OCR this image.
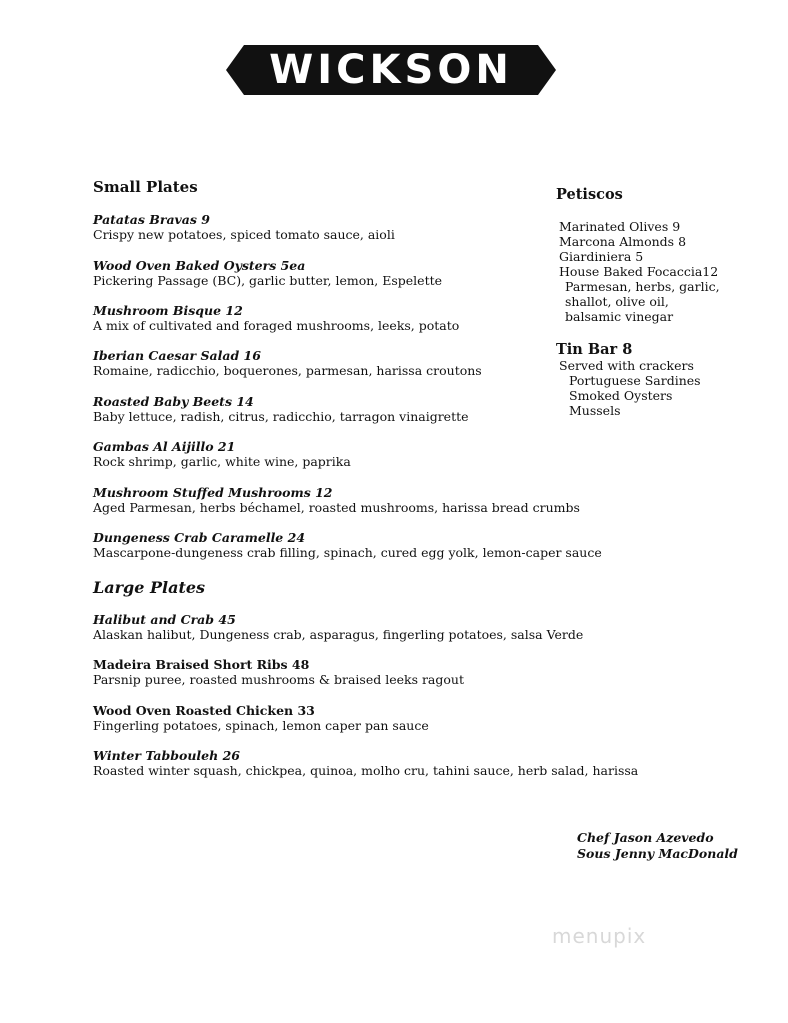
WICKSON
Small Plates
Patatas Bravas 9
Crispy new potatoes, spiced tomato sauce, aioli
Wood Oven Baked Oysters 5ea
Pickering Passage (BC), garlic butter, lemon, Espelette
Mushroom Bisque 12
A mix of cultivated and foraged mushrooms, leeks, potato
Iberian Caesar Salad 16
Romaine, radicchio, boquerones, parmesan, harissa croutons
Roasted Baby Beets 14
Baby lettuce, radish, citrus, radicchio, tarragon vinaigrette
Gambas Al Aijillo 21
Rock shrimp, garlic, white wine, paprika
Mushroom Stuffed Mushrooms 12
Aged Parmesan, herbs béchamel, roasted mushrooms, harissa bread crumbs
Dungeness Crab Caramelle 24
Mascarpone-dungeness crab filling, spinach, cured egg yolk, lemon-caper sauce
Large Plates
Halibut and Crab 45
Alaskan halibut, Dungeness crab, asparagus, fingerling potatoes, salsa Verde
Madeira Braised Short Ribs 48
Parsnip puree, roasted mushrooms & braised leeks ragout
Wood Oven Roasted Chicken 33
Fingerling potatoes, spinach, lemon caper pan sauce
Winter Tabbouleh 26
Roasted winter squash, chickpea, quinoa, molho cru, tahini sauce, herb salad, harissa
Petiscos
Marinated Olives 9
Marcona Almonds 8
Giardiniera 5
House Baked Focaccia12
Parmesan, herbs, garlic,
shallot, olive oil,
balsamic vinegar
Tin Bar 8
Served with crackers
Portuguese Sardines
Smoked Oysters
Mussels
Chef Jason Azevedo
Sous Jenny MacDonald
menupix
